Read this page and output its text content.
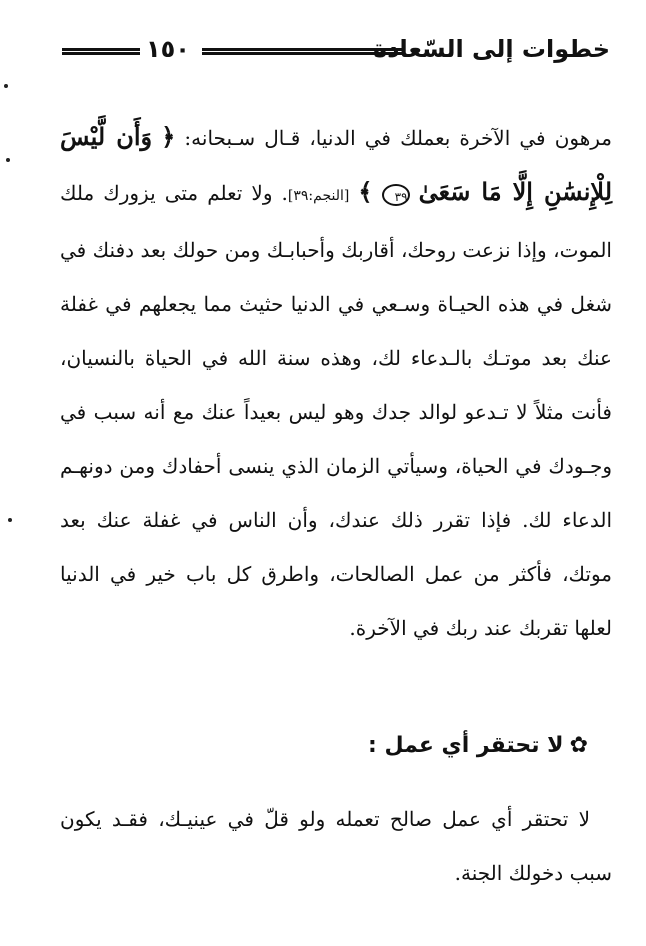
خطوات إلى السّعادة
١٥٠

مرهون في الآخرة بعملك في الدنيا، قـال سـبحانه: ﴿ وَأَن لَّيْسَ لِلْإِنسَٰنِ إِلَّا مَا سَعَىٰ ٣٩ ﴾ [النجم:٣٩]. ولا تعلم متى يزورك ملك الموت، وإذا نزعت روحك، أقاربك وأحبابـك ومن حولك بعد دفنك في شغل في هذه الحيـاة وسـعي في الدنيا حثيث مما يجعلهم في غفلة عنك بعد موتـك بالـدعاء لك، وهذه سنة الله في الحياة بالنسيان، فأنت مثلاً لا تـدعو لوالد جدك وهو ليس بعيداً عنك مع أنه سبب في وجـودك في الحياة، وسيأتي الزمان الذي ينسى أحفادك ومن دونهـم الدعاء لك. فإذا تقرر ذلك عندك، وأن الناس في غفلة عنك بعد موتك، فأكثر من عمل الصالحات، واطرق كل باب خير في الدنيا لعلها تقربك عند ربك في الآخرة.

✿لا تحتقر أي عمل :

لا تحتقر أي عمل صالح تعمله ولو قلّ في عينيـك، فقـد يكون سبب دخولك الجنة.
